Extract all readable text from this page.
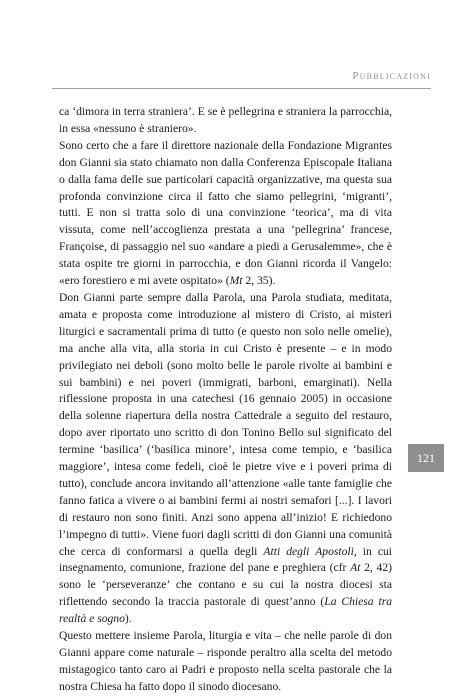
Pubblicazioni
121

ca ‘dimora in terra straniera’. E se è pellegrina e straniera la parrocchia, in essa «nessuno è straniero».

Sono certo che a fare il direttore nazionale della Fondazione Migrantes don Gianni sia stato chiamato non dalla Conferenza Episcopale Italiana o dalla fama delle sue particolari capacità organizzative, ma questa sua profonda convinzione circa il fatto che siamo pellegrini, ‘migranti’, tutti. E non si tratta solo di una convinzione ‘teorica’, ma di vita vissuta, come nell’accoglienza prestata a una ‘pellegrina’ francese, Françoise, di passaggio nel suo «andare a piedi a Gerusalemme», che è stata ospite tre giorni in parrocchia, e don Gianni ricorda il Vangelo: «ero forestiero e mi avete ospitato» (Mt 2, 35).

Don Gianni parte sempre dalla Parola, una Parola studiata, meditata, amata e proposta come introduzione al mistero di Cristo, ai misteri liturgici e sacramentali prima di tutto (e questo non solo nelle omelie), ma anche alla vita, alla storia in cui Cristo è presente – e in modo privilegiato nei deboli (sono molto belle le parole rivolte ai bambini e sui bambini) e nei poveri (immigrati, barboni, emarginati). Nella riflessione proposta in una catechesi (16 gennaio 2005) in occasione della solenne riapertura della nostra Cattedrale a seguito del restauro, dopo aver riportato uno scritto di don Tonino Bello sul significato del termine ‘basilica’ (‘basilica minore’, intesa come tempio, e ‘basilica maggiore’, intesa come fedeli, cioè le pietre vive e i poveri prima di tutto), conclude ancora invitando all’attenzione «alle tante famiglie che fanno fatica a vivere o ai bambini fermi ai nostri semafori [...]. I lavori di restauro non sono finiti. Anzi sono appena all’inizio! E richiedono l’impegno di tutti». Viene fuori dagli scritti di don Gianni una comunità che cerca di conformarsi a quella degli Atti degli Apostoli, in cui insegnamento, comunione, frazione del pane e preghiera (cfr At 2, 42) sono le ‘perseveranze’ che contano e su cui la nostra diocesi sta riflettendo secondo la traccia pastorale di quest’anno (La Chiesa tra realtà e sogno).

Questo mettere insieme Parola, liturgia e vita – che nelle parole di don Gianni appare come naturale – risponde peraltro alla scelta del metodo mistagogico tanto caro ai Padri e proposto nella scelta pastorale che la nostra Chiesa ha fatto dopo il sinodo diocesano.
